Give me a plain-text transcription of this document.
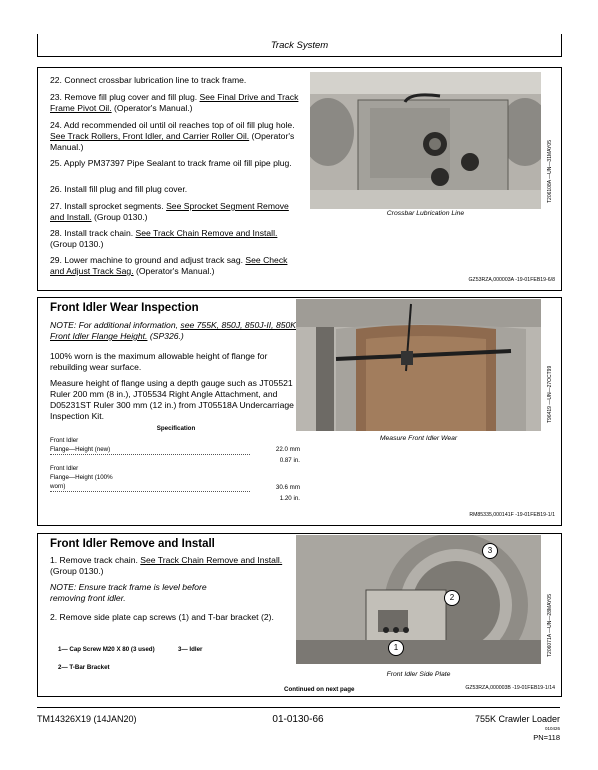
Track System
22. Connect crossbar lubrication line to track frame.
23. Remove fill plug cover and fill plug. See Final Drive and Track Frame Pivot Oil. (Operator's Manual.)
24. Add recommended oil until oil reaches top of oil fill plug hole. See Track Rollers, Front Idler, and Carrier Roller Oil. (Operator's Manual.)
25. Apply PM37397 Pipe Sealant to track frame oil fill pipe plug.
26. Install fill plug and fill plug cover.
27. Install sprocket segments. See Sprocket Segment Remove and Install. (Group 0130.)
28. Install track chain. See Track Chain Remove and Install. (Group 0130.)
29. Lower machine to ground and adjust track sag. See Check and Adjust Track Sag. (Operator's Manual.)
T206108A —UN—31MAY05
Crossbar Lubrication Line
GZ53RZA,000003A -19-01FEB19-6/8
Front Idler Wear Inspection
NOTE: For additional information, see 755K, 850J, 850J-II, 850K Front Idler Flange Height. (SP326.)
100% worn is the maximum allowable height of flange for rebuilding wear surface.
Measure height of flange using a depth gauge such as JT05521 Ruler 200 mm (8 in.), JT05534 Right Angle Attachment, and D05231ST Ruler 300 mm (12 in.) from JT05518A Undercarriage Inspection Kit.
Specification
Front Idler
Flange—Height (new)	22.0 mm
0.87 in.
Front Idler
Flange—Height (100%
worn)	30.6 mm
1.20 in.
T96419 —UN—27OCT99
Measure Front Idler Wear
RM85335,000141F -19-01FEB19-1/1
Front Idler Remove and Install
1. Remove track chain. See Track Chain Remove and Install. (Group 0130.)
NOTE: Ensure track frame is level before removing front idler.
2. Remove side plate cap screws (1) and T-bar bracket (2).
1— Cap Screw M20 X 80 (3 used)
2— T-Bar Bracket
3— Idler
Continued on next page
3
2
1	T206071A —UN—28MAY05
Front Idler Side Plate
GZ53RZA,000003B -19-01FEB19-1/14
TM14326X19 (14JAN20)	01-0130-66	755K Crawler Loader
010426
PN=118
